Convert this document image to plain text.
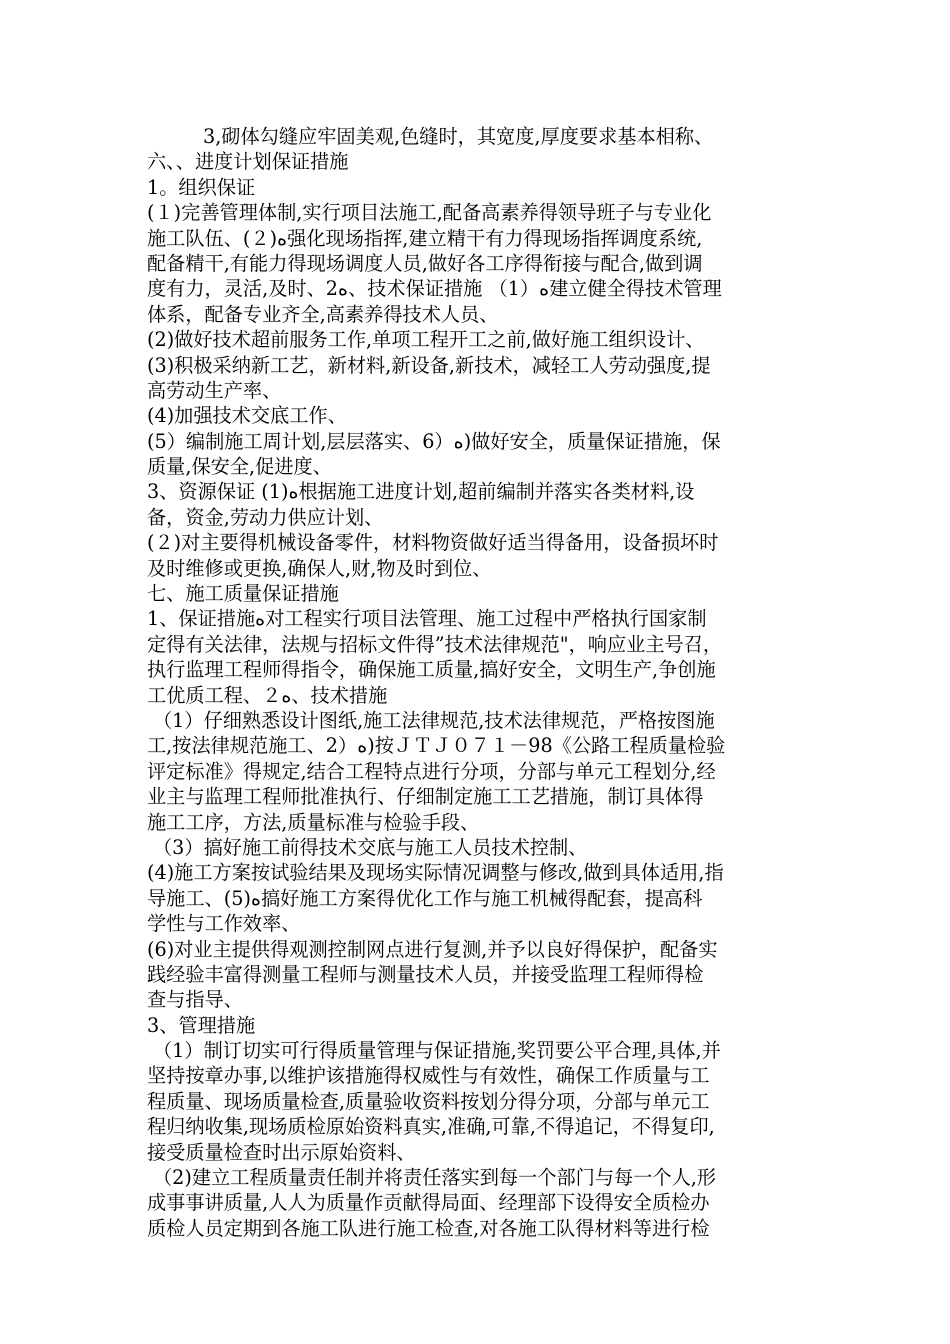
3,砌体勾缝应牢固美观,色缝时，其宽度,厚度要求基本相称、
六、、进度计划保证措施
1。组织保证
(１)完善管理体制,实行项目法施工,配备高素养得领导班子与专业化
施工队伍、(２)ﻩ强化现场指挥,建立精干有力得现场指挥调度系统,
配备精干,有能力得现场调度人员,做好各工序得衔接与配合,做到调
度有力，灵活,及时、2ﻩ、技术保证措施 （1）ﻩ建立健全得技术管理
体系，配备专业齐全,高素养得技术人员、
(2)做好技术超前服务工作,单项工程开工之前,做好施工组织设计、
(3)积极采纳新工艺，新材料,新设备,新技术，减轻工人劳动强度,提
高劳动生产率、
(4)加强技术交底工作、
(5）编制施工周计划,层层落实、6）ﻩ)做好安全，质量保证措施，保
质量,保安全,促进度、
3、资源保证 (1)ﻩ根据施工进度计划,超前编制并落实各类材料,设
备，资金,劳动力供应计划、
(２)对主要得机械设备零件，材料物资做好适当得备用，设备损坏时
及时维修或更换,确保人,财,物及时到位、
七、施工质量保证措施
1、保证措施ﻩ对工程实行项目法管理、施工过程中严格执行国家制
定得有关法律，法规与招标文件得”技术法律规范"，响应业主号召，
执行监理工程师得指令，确保施工质量,搞好安全，文明生产,争创施
工优质工程、２ﻩ、技术措施
（1）仔细熟悉设计图纸,施工法律规范,技术法律规范，严格按图施
工,按法律规范施工、2）ﻩ)按ＪＴＪ０７１－98《公路工程质量检验
评定标准》得规定,结合工程特点进行分项，分部与单元工程划分,经
业主与监理工程师批准执行、仔细制定施工工艺措施，制订具体得
施工工序，方法,质量标准与检验手段、
（3）搞好施工前得技术交底与施工人员技术控制、
(4)施工方案按试验结果及现场实际情况调整与修改,做到具体适用,指
导施工、(5)ﻩ搞好施工方案得优化工作与施工机械得配套，提高科
学性与工作效率、
(6)对业主提供得观测控制网点进行复测,并予以良好得保护，配备实
践经验丰富得测量工程师与测量技术人员，并接受监理工程师得检
查与指导、
3、管理措施
（1）制订切实可行得质量管理与保证措施,奖罚要公平合理,具体,并
坚持按章办事,以维护该措施得权威性与有效性，确保工作质量与工
程质量、现场质量检查,质量验收资料按划分得分项，分部与单元工
程归纳收集,现场质检原始资料真实,准确,可靠,不得追记，不得复印,
接受质量检查时出示原始资料、
（2)建立工程质量责任制并将责任落实到每一个部门与每一个人,形
成事事讲质量,人人为质量作贡献得局面、经理部下设得安全质检办
质检人员定期到各施工队进行施工检查,对各施工队得材料等进行检
